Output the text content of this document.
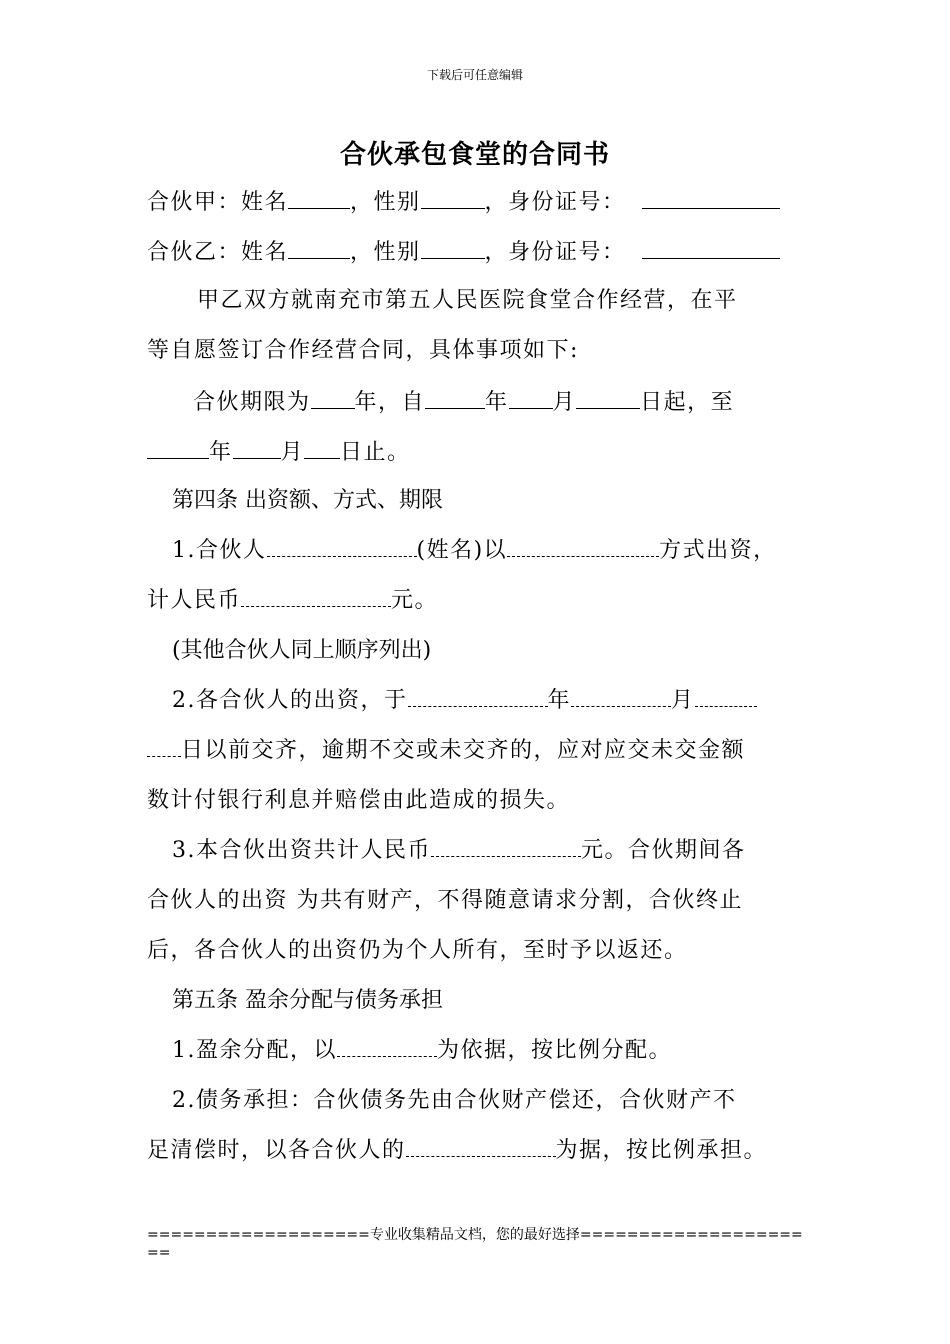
下载后可任意编辑
合伙承包食堂的合同书
合伙甲：姓名	，性别	，身份证号：
合伙乙：姓名	，性别	，身份证号：
甲乙双方就南充市第五人民医院食堂合作经营，在平
等自愿签订合作经营合同，具体事项如下:
合伙期限为 年，自	年 月	日起，至
年 月 日止。
第四条 出资额、方式、期限
1.合伙人	(姓名)以	方式出资，
计人民币	元。
(其他合伙人同上顺序列出)
2.各合伙人的出资，于	年	月
日以前交齐，逾期不交或未交齐的，应对应交未交金额
数计付银行利息并赔偿由此造成的损失。
3.本合伙出资共计人民币	元。合伙期间各
合伙人的出资 为共有财产，不得随意请求分割，合伙终止
后，各合伙人的出资仍为个人所有，至时予以返还。
第五条 盈余分配与债务承担
1.盈余分配，以	为依据，按比例分配。
2.债务承担：合伙债务先由合伙财产偿还，合伙财产不
足清偿时，以各合伙人的	为据，按比例承担。
===================专业收集精品文档，您的最好选择=====================
